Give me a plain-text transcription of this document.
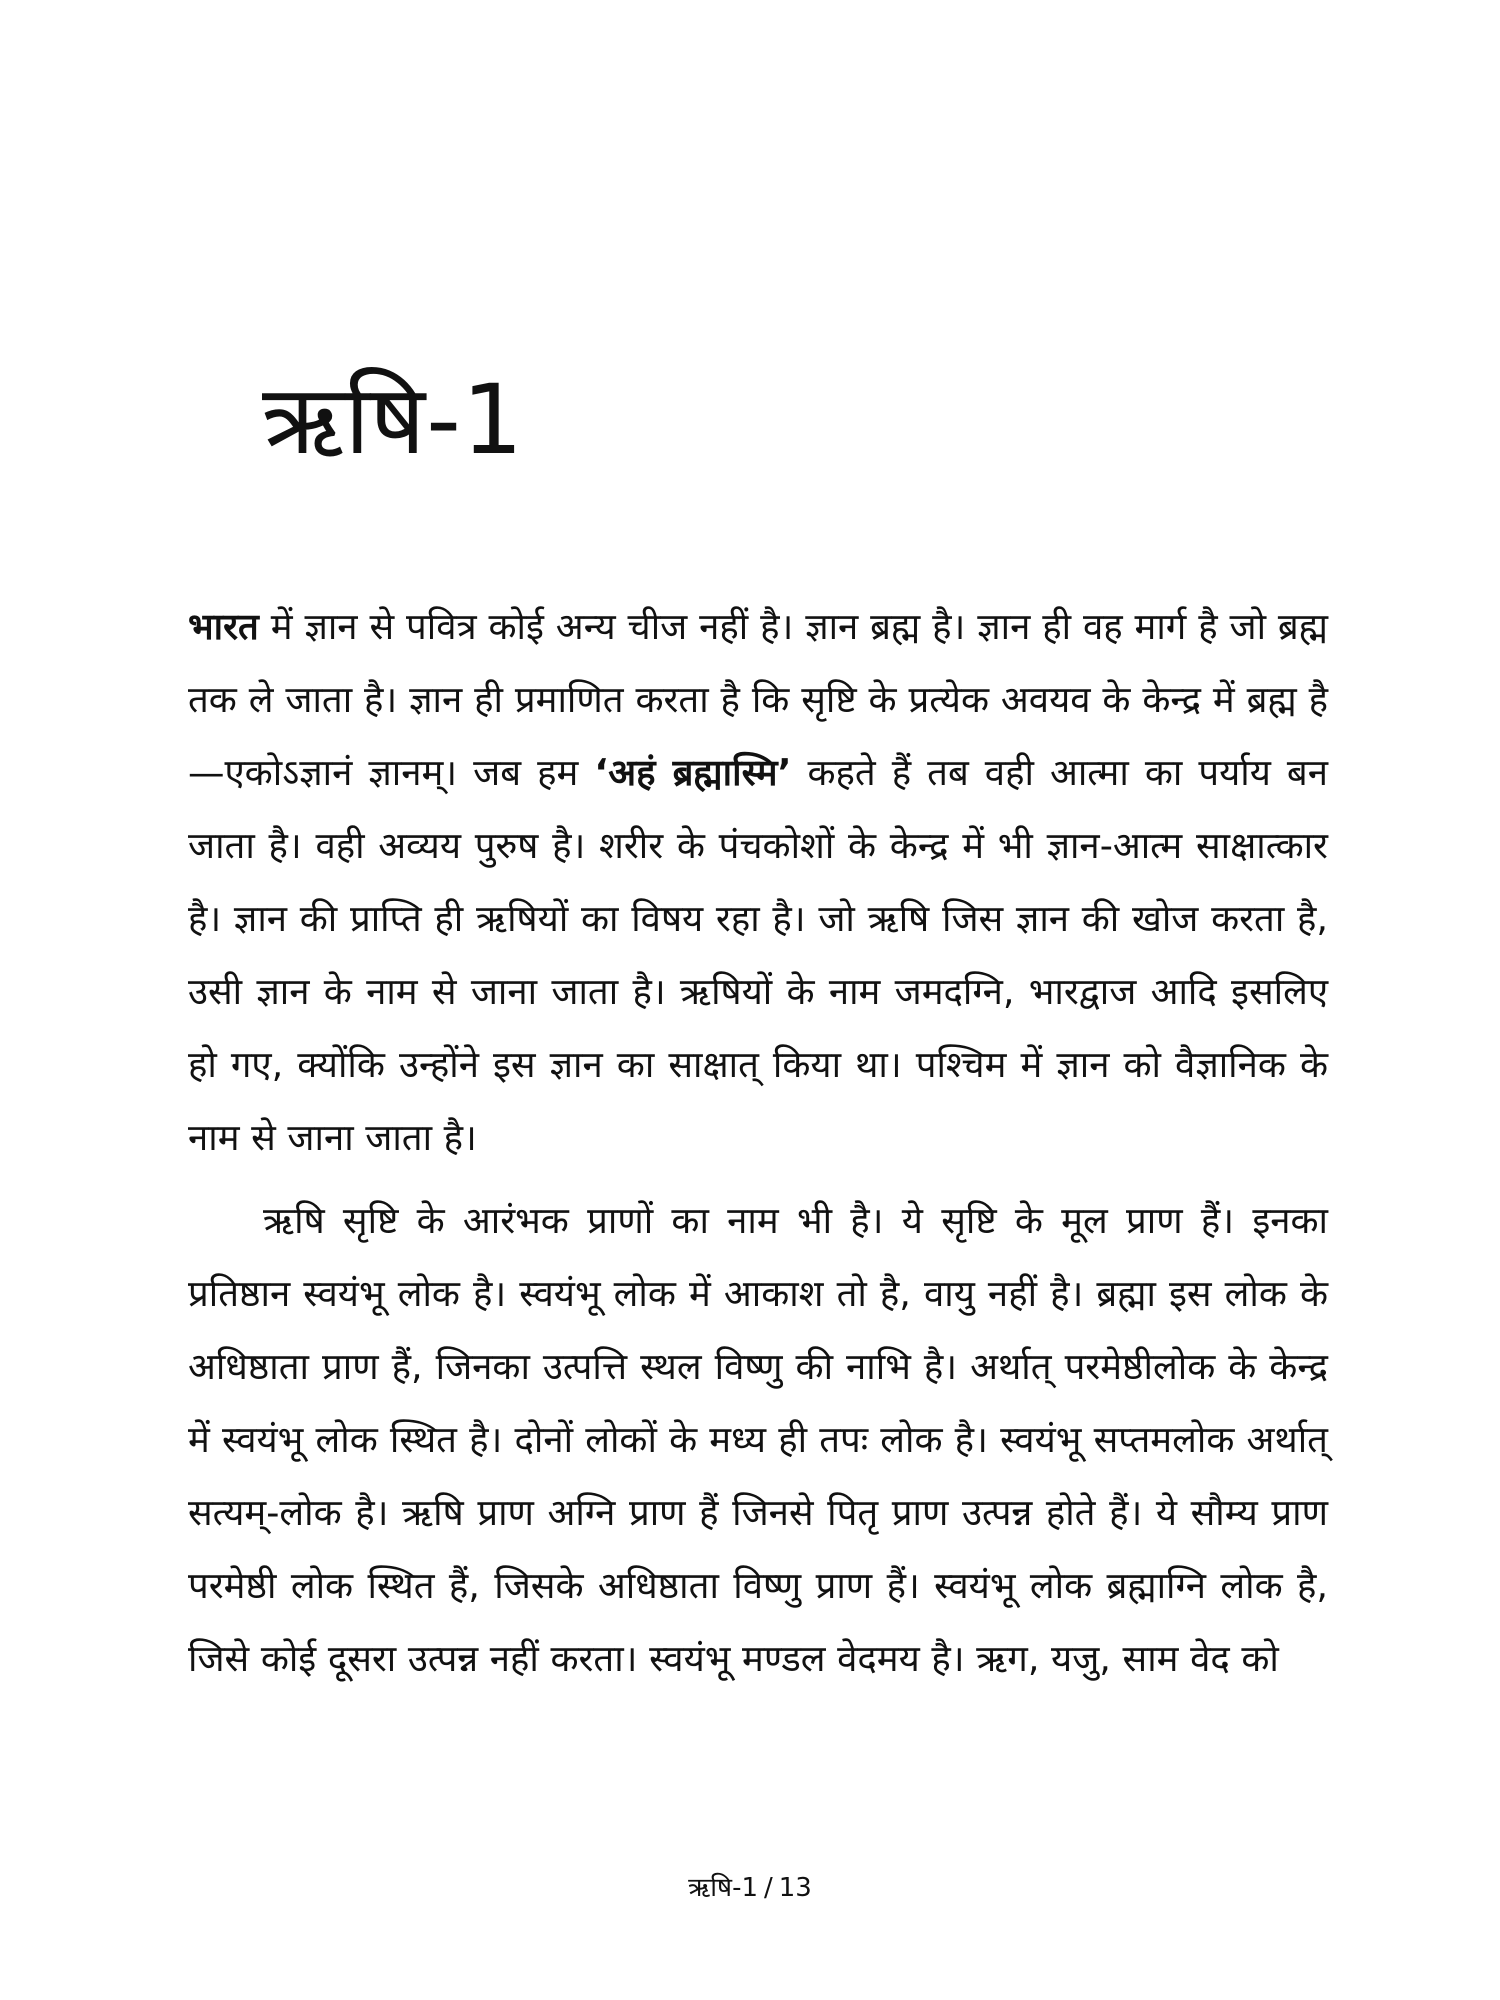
ऋषि-1

भारत में ज्ञान से पवित्र कोई अन्य चीज नहीं है। ज्ञान ब्रह्म है। ज्ञान ही वह मार्ग है जो ब्रह्म तक ले जाता है। ज्ञान ही प्रमाणित करता है कि सृष्टि के प्रत्येक अवयव के केन्द्र में ब्रह्म है —एकोऽज्ञानं ज्ञानम्। जब हम ‘अहं ब्रह्मास्मि’ कहते हैं तब वही आत्मा का पर्याय बन जाता है। वही अव्यय पुरुष है। शरीर के पंचकोशों के केन्द्र में भी ज्ञान-आत्म साक्षात्कार है। ज्ञान की प्राप्ति ही ऋषियों का विषय रहा है। जो ऋषि जिस ज्ञान की खोज करता है, उसी ज्ञान के नाम से जाना जाता है। ऋषियों के नाम जमदग्नि, भारद्वाज आदि इसलिए हो गए, क्योंकि उन्होंने इस ज्ञान का साक्षात् किया था। पश्चिम में ज्ञान को वैज्ञानिक के नाम से जाना जाता है।

ऋषि सृष्टि के आरंभक प्राणों का नाम भी है। ये सृष्टि के मूल प्राण हैं। इनका प्रतिष्ठान स्वयंभू लोक है। स्वयंभू लोक में आकाश तो है, वायु नहीं है। ब्रह्मा इस लोक के अधिष्ठाता प्राण हैं, जिनका उत्पत्ति स्थल विष्णु की नाभि है। अर्थात् परमेष्ठीलोक के केन्द्र में स्वयंभू लोक स्थित है। दोनों लोकों के मध्य ही तपः लोक है। स्वयंभू सप्तमलोक अर्थात् सत्यम्-लोक है। ऋषि प्राण अग्नि प्राण हैं जिनसे पितृ प्राण उत्पन्न होते हैं। ये सौम्य प्राण परमेष्ठी लोक स्थित हैं, जिसके अधिष्ठाता विष्णु प्राण हैं। स्वयंभू लोक ब्रह्माग्नि लोक है, जिसे कोई दूसरा उत्पन्न नहीं करता। स्वयंभू मण्डल वेदमय है। ऋग, यजु, साम वेद को

ऋषि-1 / 13
